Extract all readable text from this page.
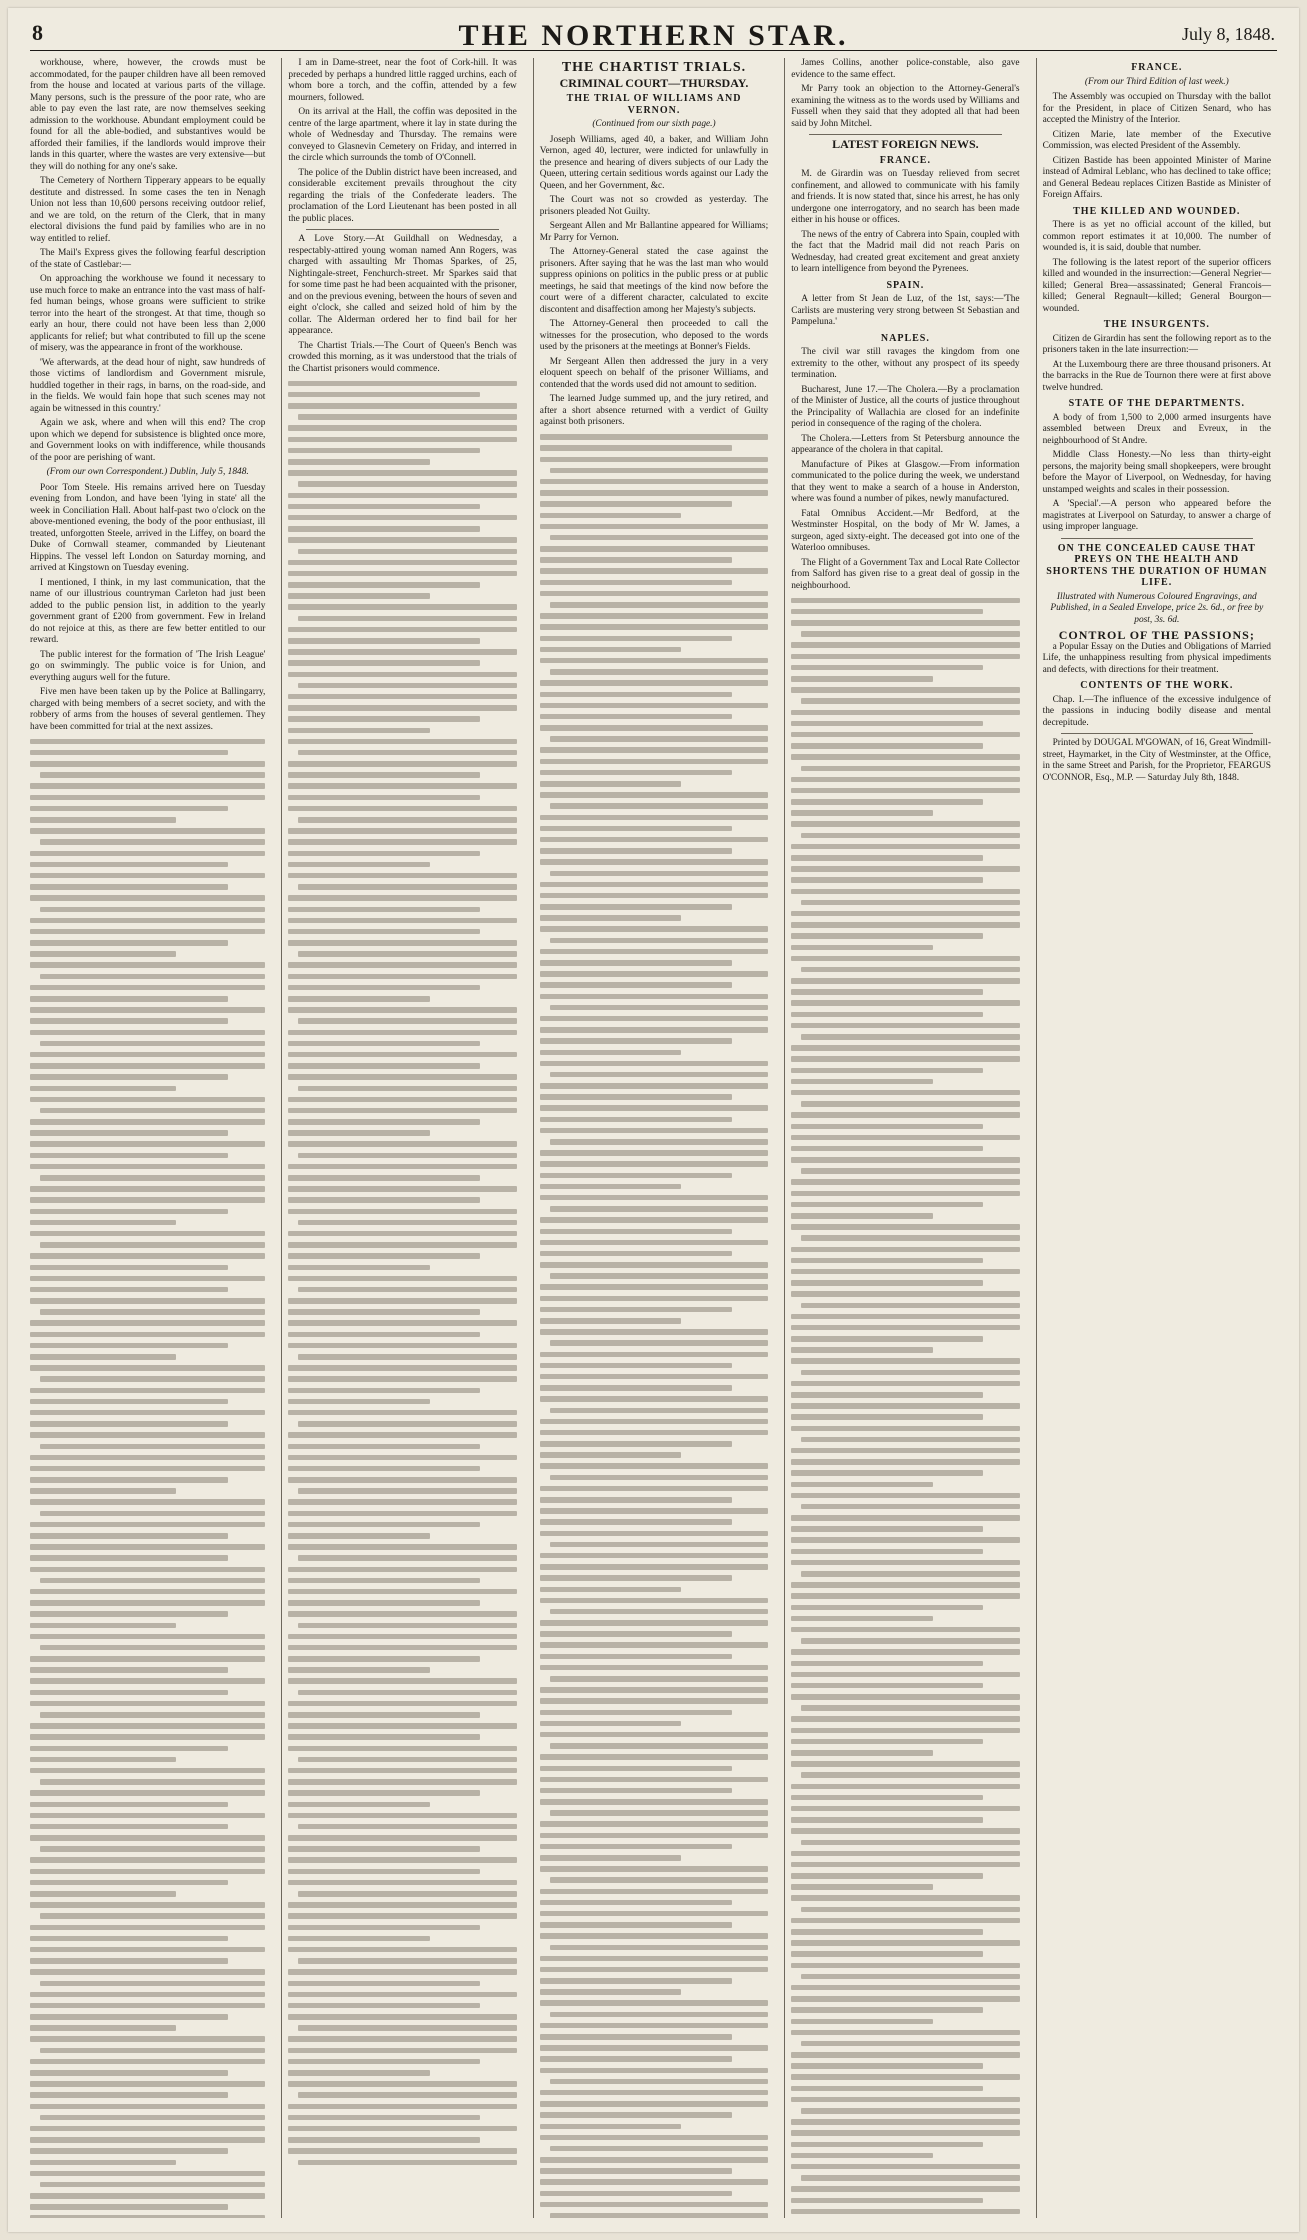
8	THE NORTHERN STAR.	July 8, 1848.

workhouse, where, however, the crowds must be accommodated, for the pauper children have all been removed from the house and located at various parts of the village. Many persons, such is the pressure of the poor rate, who are able to pay even the last rate, are now themselves seeking admission to the workhouse. Abundant employment could be found for all the able-bodied, and substantives would be afforded their families, if the landlords would improve their lands in this quarter, where the wastes are very extensive—but they will do nothing for any one's sake.

The Cemetery of Northern Tipperary appears to be equally destitute and distressed. In some cases the ten in Nenagh Union not less than 10,600 persons receiving outdoor relief, and we are told, on the return of the Clerk, that in many electoral divisions the fund paid by families who are in no way entitled to relief.

The Mail's Express gives the following fearful description of the state of Castlebar:—

On approaching the workhouse we found it necessary to use much force to make an entrance into the vast mass of half-fed human beings, whose groans were sufficient to strike terror into the heart of the strongest. At that time, though so early an hour, there could not have been less than 2,000 applicants for relief; but what contributed to fill up the scene of misery, was the appearance in front of the workhouse.

'We afterwards, at the dead hour of night, saw hundreds of those victims of landlordism and Government misrule, huddled together in their rags, in barns, on the road-side, and in the fields. We would fain hope that such scenes may not again be witnessed in this country.'

Again we ask, where and when will this end? The crop upon which we depend for subsistence is blighted once more, and Government looks on with indifference, while thousands of the poor are perishing of want.

(From our own Correspondent.) Dublin, July 5, 1848.

Poor Tom Steele. His remains arrived here on Tuesday evening from London, and have been 'lying in state' all the week in Conciliation Hall. About half-past two o'clock on the above-mentioned evening, the body of the poor enthusiast, ill treated, unforgotten Steele, arrived in the Liffey, on board the Duke of Cornwall steamer, commanded by Lieutenant Hippins. The vessel left London on Saturday morning, and arrived at Kingstown on Tuesday evening.

I mentioned, I think, in my last communication, that the name of our illustrious countryman Carleton had just been added to the public pension list, in addition to the yearly government grant of £200 from government. Few in Ireland do not rejoice at this, as there are few better entitled to our reward.

The public interest for the formation of 'The Irish League' go on swimmingly. The public voice is for Union, and everything augurs well for the future.

Five men have been taken up by the Police at Ballingarry, charged with being members of a secret society, and with the robbery of arms from the houses of several gentlemen. They have been committed for trial at the next assizes.

I am in Dame-street, near the foot of Cork-hill. It was preceded by perhaps a hundred little ragged urchins, each of whom bore a torch, and the coffin, attended by a few mourners, followed.

On its arrival at the Hall, the coffin was deposited in the centre of the large apartment, where it lay in state during the whole of Wednesday and Thursday. The remains were conveyed to Glasnevin Cemetery on Friday, and interred in the circle which surrounds the tomb of O'Connell.

The police of the Dublin district have been increased, and considerable excitement prevails throughout the city regarding the trials of the Confederate leaders. The proclamation of the Lord Lieutenant has been posted in all the public places.

A Love Story.—At Guildhall on Wednesday, a respectably-attired young woman named Ann Rogers, was charged with assaulting Mr Thomas Sparkes, of 25, Nightingale-street, Fenchurch-street. Mr Sparkes said that for some time past he had been acquainted with the prisoner, and on the previous evening, between the hours of seven and eight o'clock, she called and seized hold of him by the collar. The Alderman ordered her to find bail for her appearance.

The Chartist Trials.—The Court of Queen's Bench was crowded this morning, as it was understood that the trials of the Chartist prisoners would commence.

THE CHARTIST TRIALS.
CRIMINAL COURT—THURSDAY.
THE TRIAL OF WILLIAMS AND VERNON.
(Continued from our sixth page.)

Joseph Williams, aged 40, a baker, and William John Vernon, aged 40, lecturer, were indicted for unlawfully in the presence and hearing of divers subjects of our Lady the Queen, uttering certain seditious words against our Lady the Queen, and her Government, &c.

The Court was not so crowded as yesterday. The prisoners pleaded Not Guilty.

Sergeant Allen and Mr Ballantine appeared for Williams; Mr Parry for Vernon.

The Attorney-General stated the case against the prisoners. After saying that he was the last man who would suppress opinions on politics in the public press or at public meetings, he said that meetings of the kind now before the court were of a different character, calculated to excite discontent and disaffection among her Majesty's subjects.

The Attorney-General then proceeded to call the witnesses for the prosecution, who deposed to the words used by the prisoners at the meetings at Bonner's Fields.

Mr Sergeant Allen then addressed the jury in a very eloquent speech on behalf of the prisoner Williams, and contended that the words used did not amount to sedition.

The learned Judge summed up, and the jury retired, and after a short absence returned with a verdict of Guilty against both prisoners.

James Collins, another police-constable, also gave evidence to the same effect.

Mr Parry took an objection to the Attorney-General's examining the witness as to the words used by Williams and Fussell when they said that they adopted all that had been said by John Mitchel.

LATEST FOREIGN NEWS.
FRANCE.

M. de Girardin was on Tuesday relieved from secret confinement, and allowed to communicate with his family and friends. It is now stated that, since his arrest, he has only undergone one interrogatory, and no search has been made either in his house or offices.

The news of the entry of Cabrera into Spain, coupled with the fact that the Madrid mail did not reach Paris on Wednesday, had created great excitement and great anxiety to learn intelligence from beyond the Pyrenees.

SPAIN.

A letter from St Jean de Luz, of the 1st, says:—'The Carlists are mustering very strong between St Sebastian and Pampeluna.'

NAPLES.

The civil war still ravages the kingdom from one extremity to the other, without any prospect of its speedy termination.

Bucharest, June 17.—The Cholera.—By a proclamation of the Minister of Justice, all the courts of justice throughout the Principality of Wallachia are closed for an indefinite period in consequence of the raging of the cholera.

The Cholera.—Letters from St Petersburg announce the appearance of the cholera in that capital.

Manufacture of Pikes at Glasgow.—From information communicated to the police during the week, we understand that they went to make a search of a house in Anderston, where was found a number of pikes, newly manufactured.

Fatal Omnibus Accident.—Mr Bedford, at the Westminster Hospital, on the body of Mr W. James, a surgeon, aged sixty-eight. The deceased got into one of the Waterloo omnibuses.

The Flight of a Government Tax and Local Rate Collector from Salford has given rise to a great deal of gossip in the neighbourhood.

FRANCE.
(From our Third Edition of last week.)

The Assembly was occupied on Thursday with the ballot for the President, in place of Citizen Senard, who has accepted the Ministry of the Interior.

Citizen Marie, late member of the Executive Commission, was elected President of the Assembly.

Citizen Bastide has been appointed Minister of Marine instead of Admiral Leblanc, who has declined to take office; and General Bedeau replaces Citizen Bastide as Minister of Foreign Affairs.

THE KILLED AND WOUNDED.

There is as yet no official account of the killed, but common report estimates it at 10,000. The number of wounded is, it is said, double that number.

The following is the latest report of the superior officers killed and wounded in the insurrection:—General Negrier—killed; General Brea—assassinated; General Francois—killed; General Regnault—killed; General Bourgon—wounded.

THE INSURGENTS.

Citizen de Girardin has sent the following report as to the prisoners taken in the late insurrection:—

At the Luxembourg there are three thousand prisoners. At the barracks in the Rue de Tournon there were at first above twelve hundred.

STATE OF THE DEPARTMENTS.

A body of from 1,500 to 2,000 armed insurgents have assembled between Dreux and Evreux, in the neighbourhood of St Andre.

Middle Class Honesty.—No less than thirty-eight persons, the majority being small shopkeepers, were brought before the Mayor of Liverpool, on Wednesday, for having unstamped weights and scales in their possession.

A 'Special'.—A person who appeared before the magistrates at Liverpool on Saturday, to answer a charge of using improper language.

ON THE CONCEALED CAUSE THAT PREYS ON THE HEALTH AND SHORTENS THE DURATION OF HUMAN LIFE.
Illustrated with Numerous Coloured Engravings, and Published, in a Sealed Envelope, price 2s. 6d., or free by post, 3s. 6d.
CONTROL OF THE PASSIONS;

a Popular Essay on the Duties and Obligations of Married Life, the unhappiness resulting from physical impediments and defects, with directions for their treatment.

CONTENTS OF THE WORK.

Chap. I.—The influence of the excessive indulgence of the passions in inducing bodily disease and mental decrepitude.

Printed by DOUGAL M'GOWAN, of 16, Great Windmill-street, Haymarket, in the City of Westminster, at the Office, in the same Street and Parish, for the Proprietor, FEARGUS O'CONNOR, Esq., M.P. — Saturday July 8th, 1848.
